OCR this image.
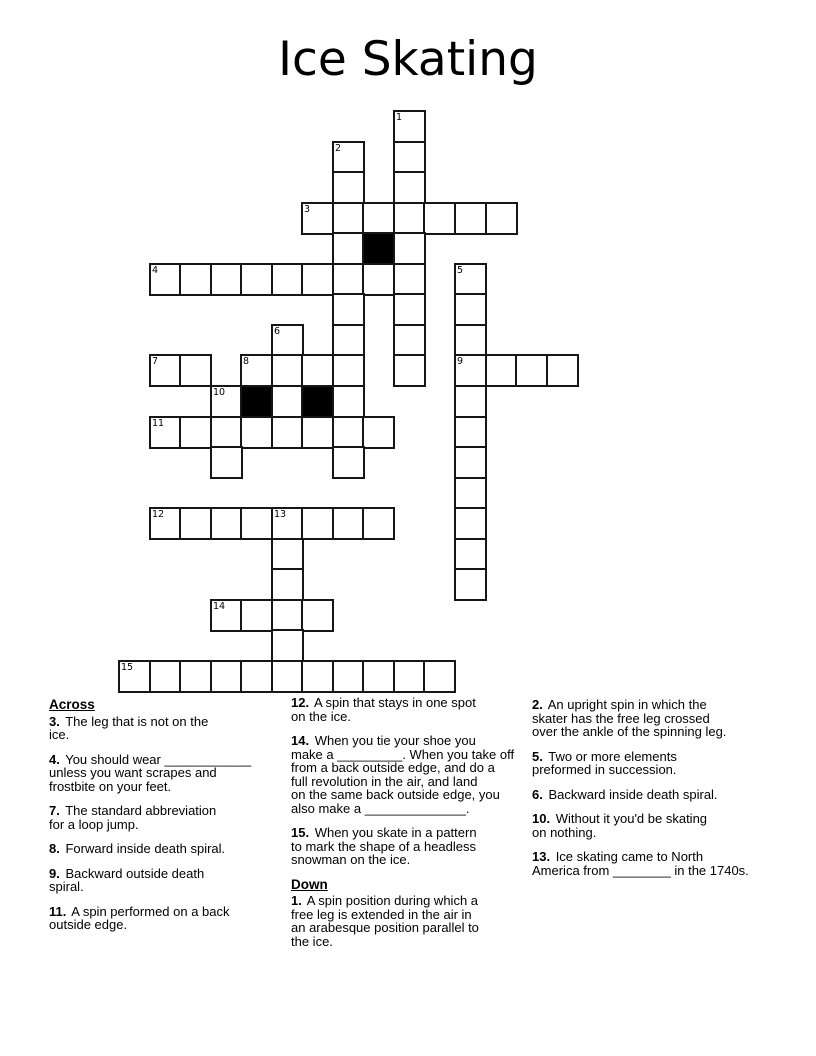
Ice Skating
1
2
3
4	5
6
7	8	9
10
11
12	13
14
15
Across

3. The leg that is not on the
ice.

4. You should wear ____________
unless you want scrapes and
frostbite on your feet.

7. The standard abbreviation
for a loop jump.

8. Forward inside death spiral.

9. Backward outside death
spiral.

11. A spin performed on a back
outside edge.

12. A spin that stays in one spot
on the ice.

14. When you tie your shoe you
make a _________. When you take off
from a back outside edge, and do a
full revolution in the air, and land
on the same back outside edge, you
also make a ______________.

15. When you skate in a pattern
to mark the shape of a headless
snowman on the ice.

Down

1. A spin position during which a
free leg is extended in the air in
an arabesque position parallel to
the ice.

2. An upright spin in which the
skater has the free leg crossed
over the ankle of the spinning leg.

5. Two or more elements
preformed in succession.

6. Backward inside death spiral.

10. Without it you'd be skating
on nothing.

13. Ice skating came to North
America from ________ in the 1740s.
